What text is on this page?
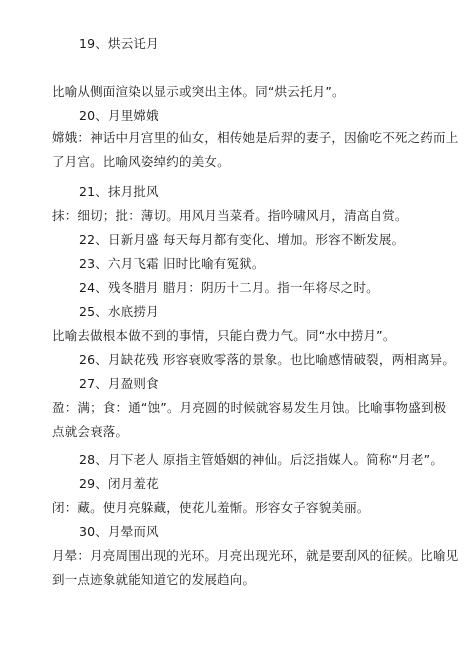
19、烘云讬月
比喻从侧面渲染以显示或突出主体。同“烘云托月”。
20、月里嫦娥
嫦娥：神话中月宫里的仙女，相传她是后羿的妻子，因偷吃不死之药而上
了月宫。比喻风姿绰约的美女。
21、抹月批风
抹：细切；批：薄切。用风月当菜肴。指吟啸风月，清高自赏。
22、日新月盛 每天每月都有变化、增加。形容不断发展。
23、六月飞霜 旧时比喻有冤狱。
24、残冬腊月 腊月：阴历十二月。指一年将尽之时。
25、水底捞月
比喻去做根本做不到的事情，只能白费力气。同“水中捞月”。
26、月缺花残 形容衰败零落的景象。也比喻感情破裂，两相离异。
27、月盈则食
盈：满；食：通“蚀”。月亮圆的时候就容易发生月蚀。比喻事物盛到极
点就会衰落。
28、月下老人 原指主管婚姻的神仙。后泛指媒人。简称“月老”。
29、闭月羞花
闭：藏。使月亮躲藏，使花儿羞惭。形容女子容貌美丽。
30、月晕而风
月晕：月亮周围出现的光环。月亮出现光环，就是要刮风的征候。比喻见
到一点迹象就能知道它的发展趋向。
